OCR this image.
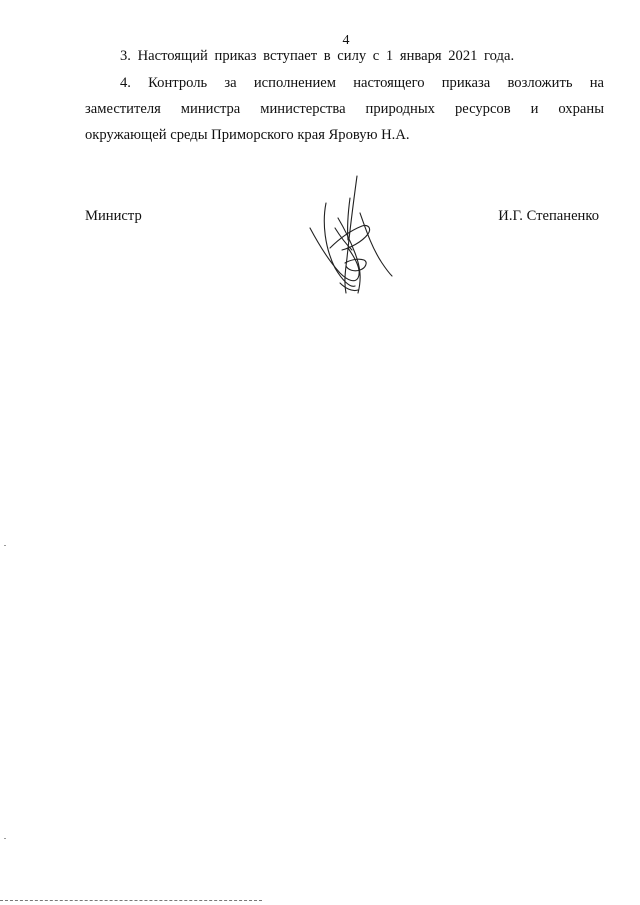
4
3. Настоящий приказ вступает в силу с 1 января 2021 года.
4. Контроль за исполнением настоящего приказа возложить на
заместителя министра министерства природных ресурсов и охраны
окружающей среды Приморского края Яровую Н.А.
Министр	И.Г. Степаненко
